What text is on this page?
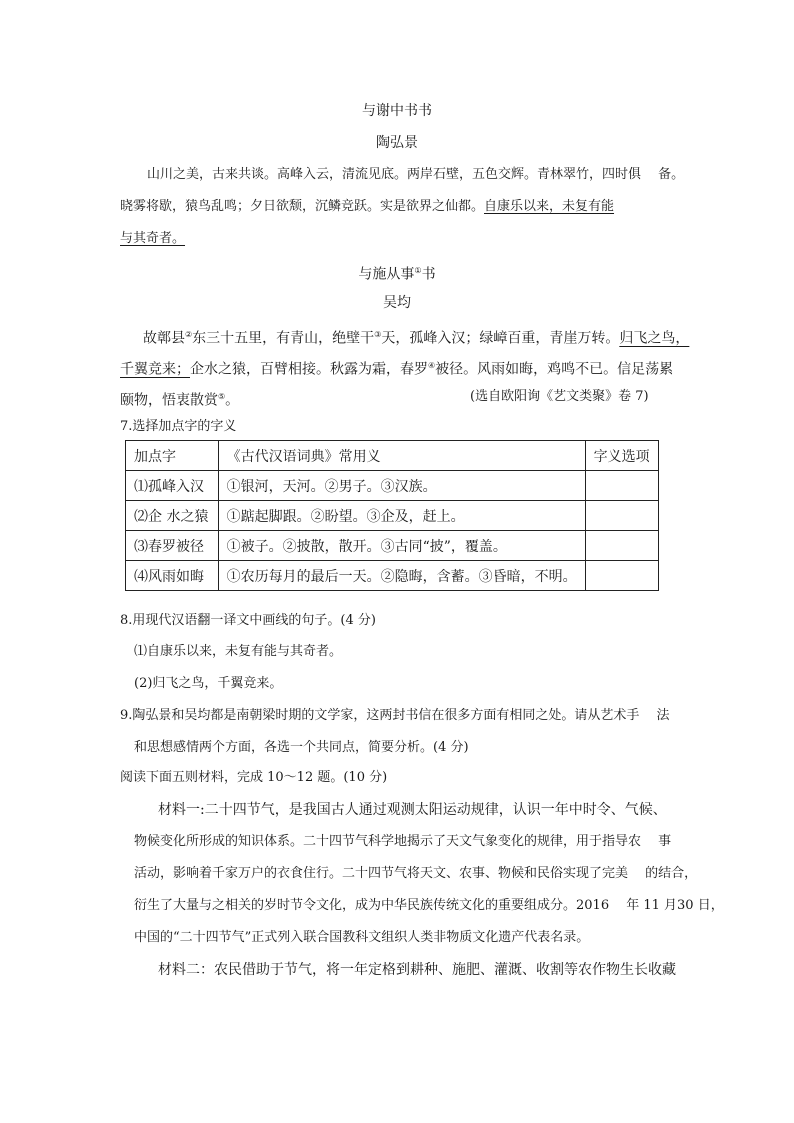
与谢中书书
陶弘景
山川之美，古来共谈。高峰入云，清流见底。两岸石壁，五色交辉。青林翠竹，四时俱　 备。
晓雾将歇，猿鸟乱鸣；夕日欲颓，沉鳞竞跃。实是欲界之仙都。自康乐以来，未复有能
与其奇者。
与施从事①书
吴均
故鄣县②东三十五里，有青山，绝壁干③天，孤峰入汉；绿嶂百重，青崖万转。归飞之鸟，
千翼竞来；企水之猿，百臂相接。秋露为霜，春罗④被径。风雨如晦，鸡鸣不已。信足荡累
颐物，悟衷散赏⑤。	(选自欧阳询《艺文类聚》卷 7)
7.选择加点字的字义
加点字	《古代汉语词典》常用义	字义选项
⑴孤峰入汉	①银河，天河。②男子。③汉族。	
⑵企 水之猿	①踮起脚跟。②盼望。③企及，赶上。	
⑶春罗被径	①被子。②披散，散开。③古同“披”，覆盖。	
⑷风雨如晦	①农历每月的最后一天。②隐晦，含蓄。③昏暗，不明。	
8.用现代汉语翻一译文中画线的句子。(4 分)
⑴自康乐以来，未复有能与其奇者。
(2)归飞之鸟，千翼竞来。
9.陶弘景和吴均都是南朝梁时期的文学家，这两封书信在很多方面有相同之处。请从艺术手　 法
和思想感情两个方面，各选一个共同点，简要分析。(4 分)
阅读下面五则材料，完成 10～12 题。(10 分)
材料一:二十四节气，是我国古人通过观测太阳运动规律，认识一年中时令、气候、
物候变化所形成的知识体系。二十四节气科学地揭示了天文气象变化的规律，用于指导农　 事
活动，影响着千家万户的衣食住行。二十四节气将天文、农事、物候和民俗实现了完美　 的结合，
衍生了大量与之相关的岁时节令文化，成为中华民族传统文化的重要组成分。2016　 年 11 月30 日，
中国的“二十四节气”正式列入联合国教科文组织人类非物质文化遗产代表名录。
材料二：农民借助于节气，将一年定格到耕种、施肥、灌溉、收割等农作物生长收藏
